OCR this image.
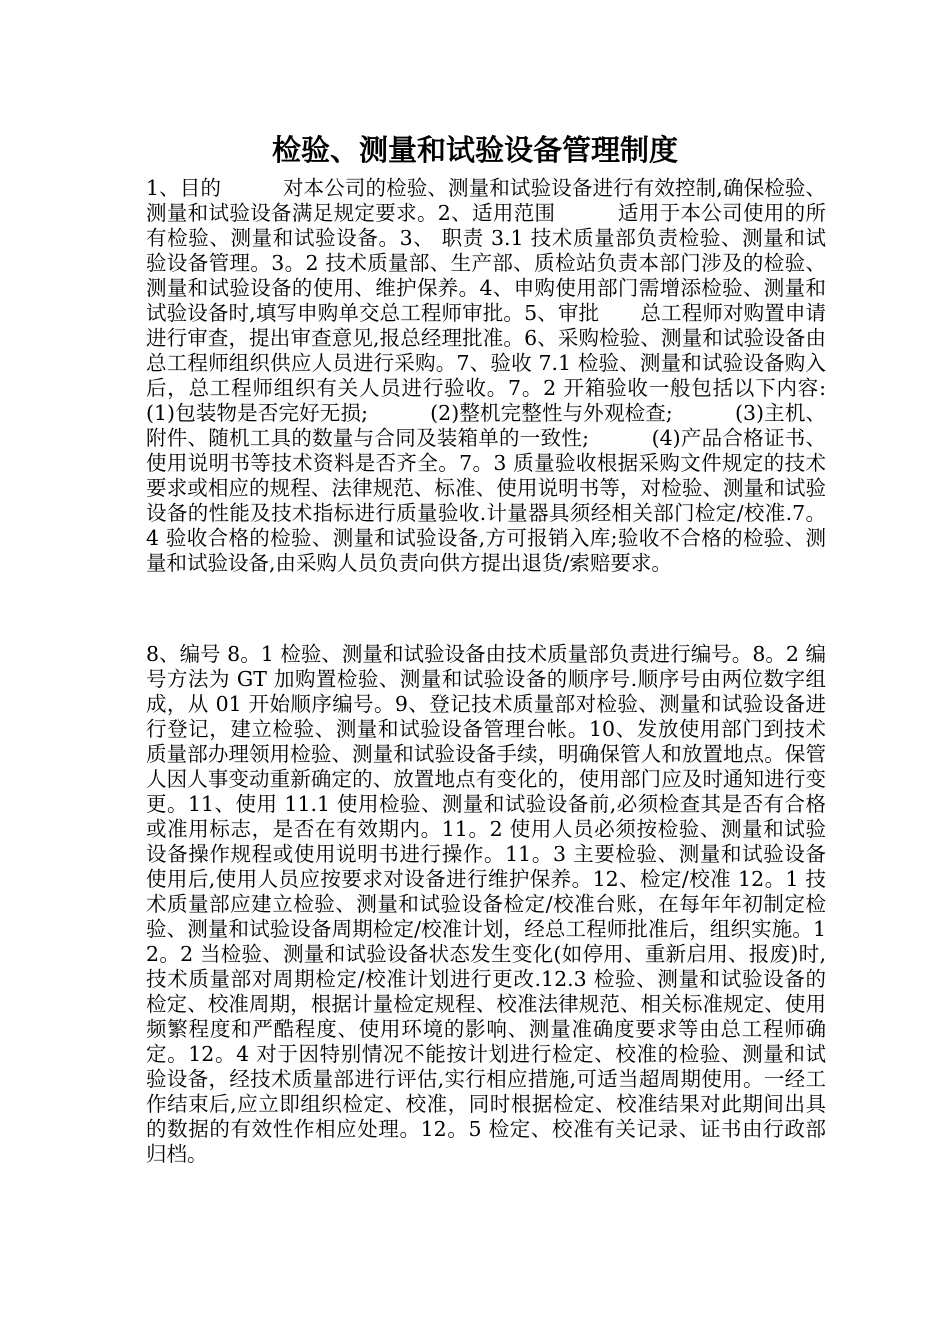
检验、测量和试验设备管理制度

1、目的　　　对本公司的检验、测量和试验设备进行有效控制,确保检验、测量和试验设备满足规定要求。2、适用范围　　　适用于本公司使用的所有检验、测量和试验设备。3、 职责 3.1 技术质量部负责检验、测量和试验设备管理。3。2 技术质量部、生产部、质检站负责本部门涉及的检验、测量和试验设备的使用、维护保养。4、申购使用部门需增添检验、测量和试验设备时,填写申购单交总工程师审批。5、审批　　总工程师对购置申请进行审查，提出审查意见,报总经理批准。6、采购检验、测量和试验设备由总工程师组织供应人员进行采购。7、验收 7.1 检验、测量和试验设备购入后，总工程师组织有关人员进行验收。7。2 开箱验收一般包括以下内容:　　　(1)包装物是否完好无损;　　　(2)整机完整性与外观检查;　　　(3)主机、附件、随机工具的数量与合同及装箱单的一致性;　　　(4)产品合格证书、使用说明书等技术资料是否齐全。7。3 质量验收根据采购文件规定的技术要求或相应的规程、法律规范、标准、使用说明书等，对检验、测量和试验设备的性能及技术指标进行质量验收.计量器具须经相关部门检定/校准.7。4 验收合格的检验、测量和试验设备,方可报销入库;验收不合格的检验、测量和试验设备,由采购人员负责向供方提出退货/索赔要求。

8、编号 8。1 检验、测量和试验设备由技术质量部负责进行编号。8。2 编号方法为 GT 加购置检验、测量和试验设备的顺序号.顺序号由两位数字组成，从 01 开始顺序编号。9、登记技术质量部对检验、测量和试验设备进行登记，建立检验、测量和试验设备管理台帐。10、发放使用部门到技术质量部办理领用检验、测量和试验设备手续，明确保管人和放置地点。保管人因人事变动重新确定的、放置地点有变化的，使用部门应及时通知进行变更。11、使用 11.1 使用检验、测量和试验设备前,必须检查其是否有合格或准用标志，是否在有效期内。11。2 使用人员必须按检验、测量和试验设备操作规程或使用说明书进行操作。11。3 主要检验、测量和试验设备使用后,使用人员应按要求对设备进行维护保养。12、检定/校准 12。1 技术质量部应建立检验、测量和试验设备检定/校准台账，在每年年初制定检验、测量和试验设备周期检定/校准计划，经总工程师批准后，组织实施。12。2 当检验、测量和试验设备状态发生变化(如停用、重新启用、报废)时,技术质量部对周期检定/校准计划进行更改.12.3 检验、测量和试验设备的检定、校准周期，根据计量检定规程、校准法律规范、相关标准规定、使用频繁程度和严酷程度、使用环境的影响、测量准确度要求等由总工程师确定。12。4 对于因特别情况不能按计划进行检定、校准的检验、测量和试验设备，经技术质量部进行评估,实行相应措施,可适当超周期使用。一经工作结束后,应立即组织检定、校准，同时根据检定、校准结果对此期间出具的数据的有效性作相应处理。12。5 检定、校准有关记录、证书由行政部归档。
